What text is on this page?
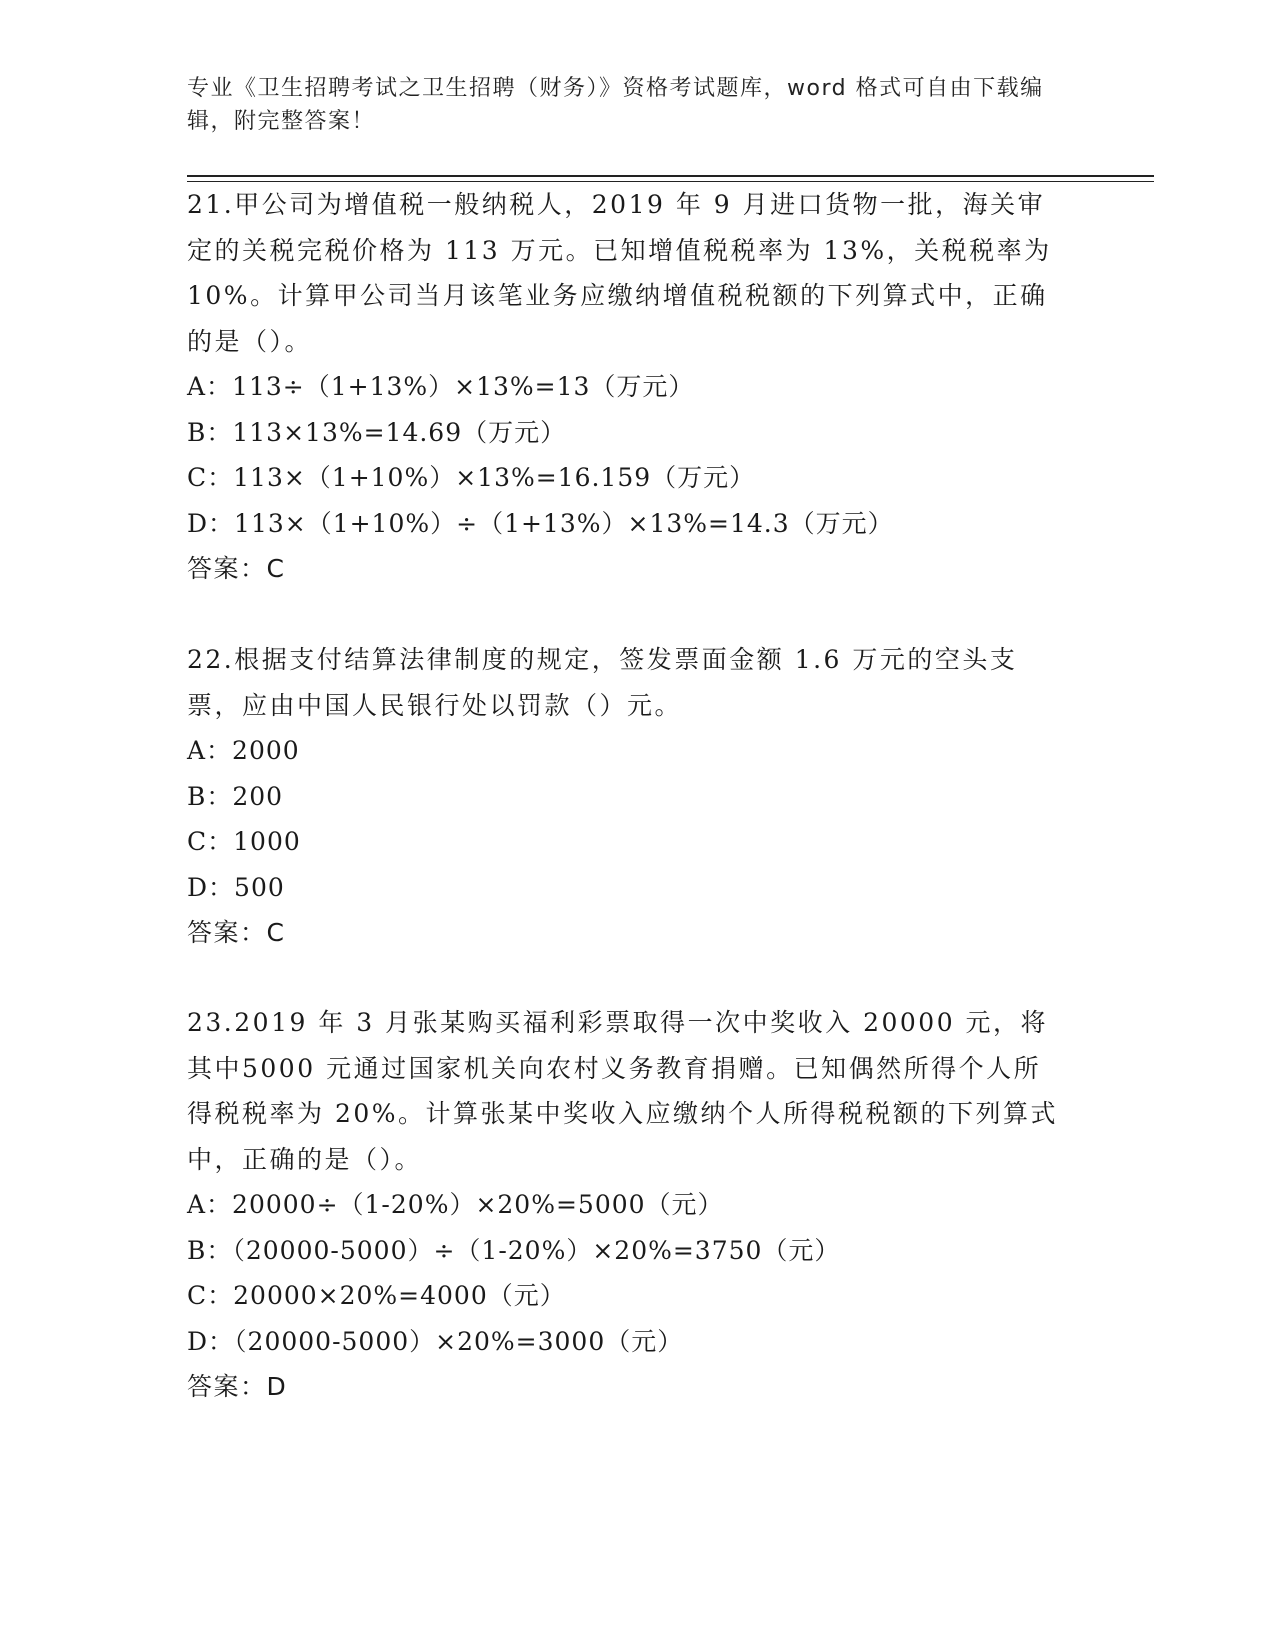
专业《卫生招聘考试之卫生招聘（财务）》资格考试题库，word 格式可自由下载编辑，附完整答案！

21.甲公司为增值税一般纳税人，2019 年 9 月进口货物一批，海关审定的关税完税价格为 113 万元。已知增值税税率为 13%，关税税率为 10%。计算甲公司当月该笔业务应缴纳增值税税额的下列算式中，正确的是（）。

A：113÷（1+13%）×13%=13（万元）

B：113×13%=14.69（万元）

C：113×（1+10%）×13%=16.159（万元）

D：113×（1+10%）÷（1+13%）×13%=14.3（万元）

答案：C

22.根据支付结算法律制度的规定，签发票面金额 1.6 万元的空头支票，应由中国人民银行处以罚款（）元。

A：2000

B：200

C：1000

D：500

答案：C

23.2019 年 3 月张某购买福利彩票取得一次中奖收入 20000 元，将其中5000 元通过国家机关向农村义务教育捐赠。已知偶然所得个人所得税税率为 20%。计算张某中奖收入应缴纳个人所得税税额的下列算式中，正确的是（）。

A：20000÷（1-20%）×20%=5000（元）

B：（20000-5000）÷（1-20%）×20%=3750（元）

C：20000×20%=4000（元）

D：（20000-5000）×20%=3000（元）

答案：D
